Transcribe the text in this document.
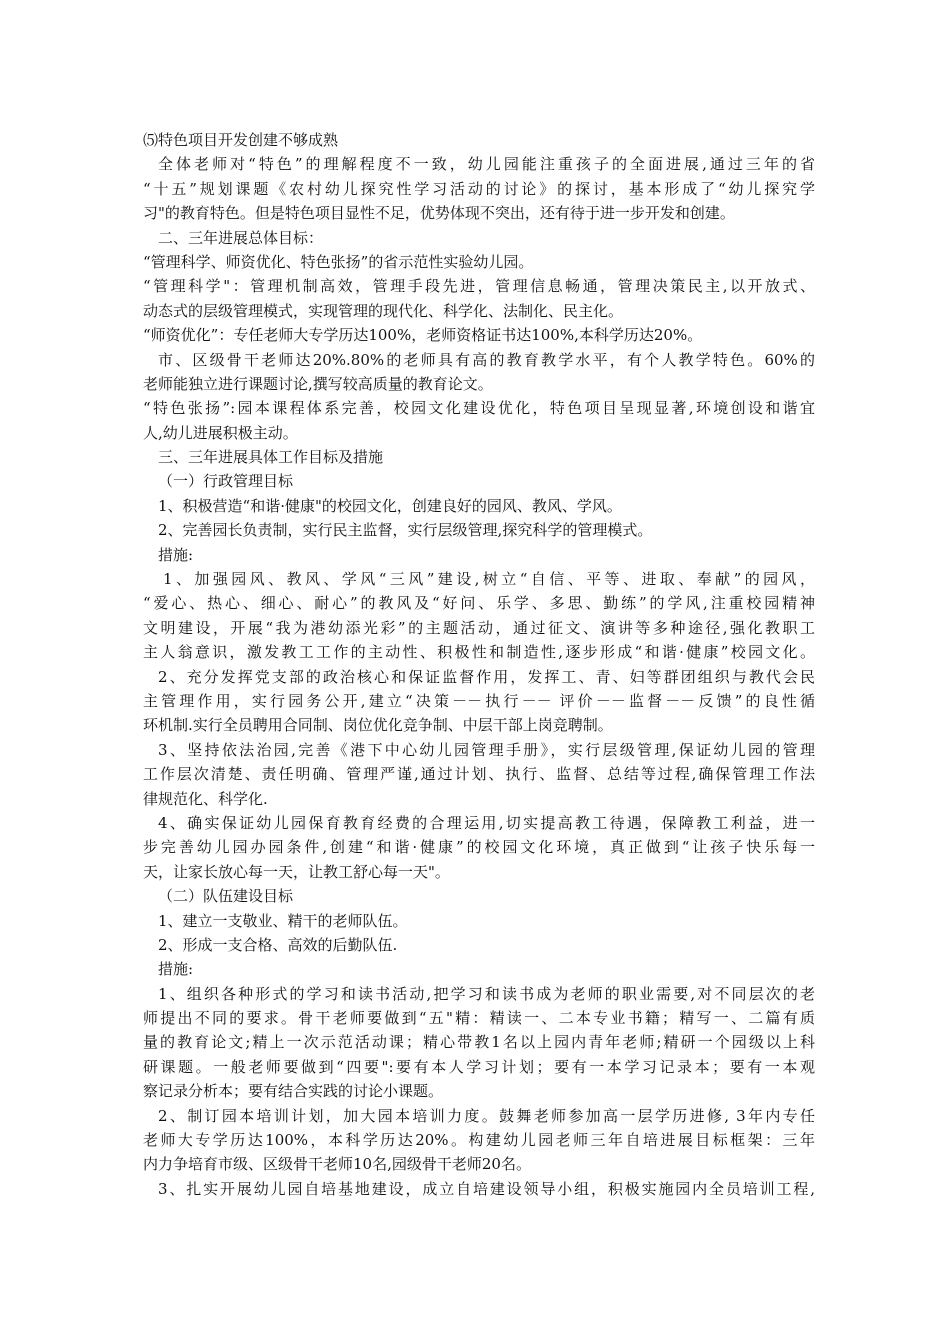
⑸特色项目开发创建不够成熟
全体老师对“特色”的理解程度不一致，幼儿园能注重孩子的全面进展,通过三年的省
“十五”规划课题《农村幼儿探究性学习活动的讨论》的探讨，基本形成了“幼儿探究学
习"的教育特色。但是特色项目显性不足，优势体现不突出，还有待于进一步开发和创建。
二、三年进展总体目标：
“管理科学、师资优化、特色张扬”的省示范性实验幼儿园。
“管理科学"：管理机制高效，管理手段先进，管理信息畅通，管理决策民主,以开放式、
动态式的层级管理模式，实现管理的现代化、科学化、法制化、民主化。
“师资优化”：专任老师大专学历达100%，老师资格证书达100%,本科学历达20%。
市、区级骨干老师达20%.80%的老师具有高的教育教学水平，有个人教学特色。60%的
老师能独立进行课题讨论,撰写较高质量的教育论文。
“特色张扬”:园本课程体系完善，校园文化建设优化，特色项目呈现显著,环境创设和谐宜
人,幼儿进展积极主动。
三、三年进展具体工作目标及措施
（一）行政管理目标
1、积极营造“和谐·健康"的校园文化，创建良好的园风、教风、学风。
2、完善园长负责制，实行民主监督，实行层级管理,探究科学的管理模式。
措施:
1、加强园风、教风、学风“三风”建设,树立“自信、平等、进取、奉献”的园风，
“爱心、热心、细心、耐心”的教风及“好问、乐学、多思、勤练”的学风,注重校园精神
文明建设，开展“我为港幼添光彩”的主题活动，通过征文、演讲等多种途径,强化教职工
主人翁意识，激发教工工作的主动性、积极性和制造性,逐步形成“和谐·健康”校园文化。
2、充分发挥党支部的政治核心和保证监督作用，发挥工、青、妇等群团组织与教代会民
主管理作用，实行园务公开,建立“决策－－执行－－ 评价－－监督－－反馈”的良性循
环机制.实行全员聘用合同制、岗位优化竞争制、中层干部上岗竞聘制。
3、坚持依法治园,完善《港下中心幼儿园管理手册》，实行层级管理,保证幼儿园的管理
工作层次清楚、责任明确、管理严谨,通过计划、执行、监督、总结等过程,确保管理工作法
律规范化、科学化.
4、确实保证幼儿园保育教育经费的合理运用,切实提高教工待遇，保障教工利益，进一
步完善幼儿园办园条件,创建“和谐·健康”的校园文化环境，真正做到“让孩子快乐每一
天，让家长放心每一天，让教工舒心每一天"。
（二）队伍建设目标
1、建立一支敬业、精干的老师队伍。
2、形成一支合格、高效的后勤队伍.
措施:
1、组织各种形式的学习和读书活动,把学习和读书成为老师的职业需要,对不同层次的老
师提出不同的要求。骨干老师要做到“五"精：精读一、二本专业书籍；精写一、二篇有质
量的教育论文;精上一次示范活动课；精心带教1名以上园内青年老师;精研一个园级以上科
研课题。一般老师要做到“四要":要有本人学习计划；要有一本学习记录本；要有一本观
察记录分析本；要有结合实践的讨论小课题。
2、制订园本培训计划，加大园本培训力度。鼓舞老师参加高一层学历进修, 3年内专任
老师大专学历达100%，本科学历达20%。构建幼儿园老师三年自培进展目标框架：三年
内力争培育市级、区级骨干老师10名,园级骨干老师20名。
3、扎实开展幼儿园自培基地建设，成立自培建设领导小组，积极实施园内全员培训工程,
